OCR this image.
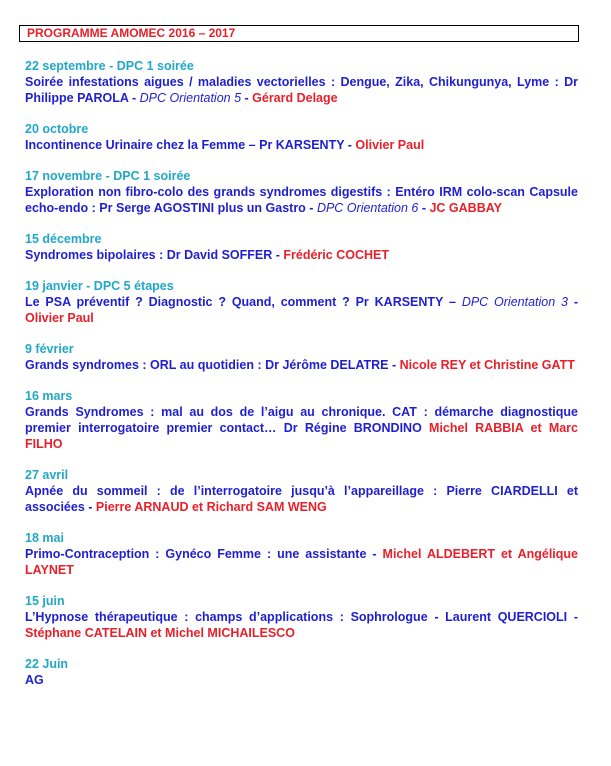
PROGRAMME AMOMEC 2016 – 2017
22 septembre - DPC 1 soirée
Soirée infestations aigues / maladies vectorielles : Dengue, Zika, Chikungunya, Lyme : Dr Philippe PAROLA - DPC Orientation 5 - Gérard Delage
20 octobre
Incontinence Urinaire chez la Femme – Pr KARSENTY - Olivier Paul
17 novembre - DPC 1 soirée
Exploration non fibro-colo des grands syndromes digestifs : Entéro IRM colo-scan Capsule echo-endo : Pr Serge AGOSTINI plus un Gastro - DPC Orientation 6 - JC GABBAY
15 décembre
Syndromes bipolaires : Dr David SOFFER - Frédéric COCHET
19 janvier - DPC 5 étapes
Le PSA préventif ? Diagnostic ? Quand, comment ? Pr KARSENTY – DPC Orientation 3 - Olivier Paul
9 février
Grands syndromes : ORL au quotidien : Dr Jérôme DELATRE - Nicole REY et Christine GATT
16 mars
Grands Syndromes : mal au dos de l’aigu au chronique. CAT : démarche diagnostique premier interrogatoire premier contact… Dr Régine BRONDINO Michel RABBIA et Marc FILHO
27 avril
Apnée du sommeil : de l’interrogatoire jusqu’à l’appareillage : Pierre CIARDELLI et associées - Pierre ARNAUD et Richard SAM WENG
18 mai
Primo-Contraception : Gynéco Femme : une assistante - Michel ALDEBERT et Angélique LAYNET
15 juin
L’Hypnose thérapeutique : champs d’applications : Sophrologue - Laurent QUERCIOLI - Stéphane CATELAIN et Michel MICHAILESCO
22 Juin
AG
